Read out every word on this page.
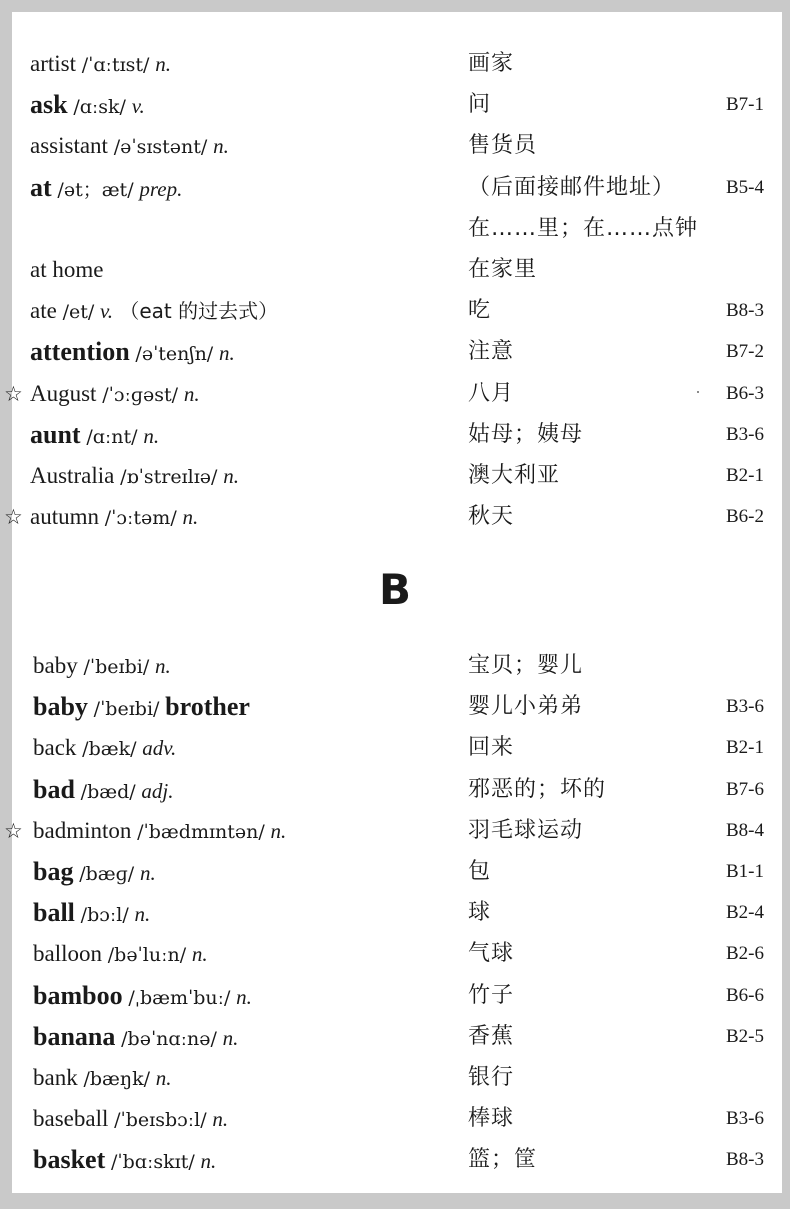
artist /ˈɑːtɪst/ n.	画家
ask /ɑːsk/ v.	问	B7-1
assistant /əˈsɪstənt/ n.	售货员
at /ət；æt/ prep.	（后面接邮件地址）	B5-4
在……里；在……点钟
at home	在家里
ate /et/ v. （eat 的过去式）	吃	B8-3
attention /əˈtenʃn/ n.	注意	B7-2
☆ August /ˈɔːɡəst/ n.	八月	B6-3
aunt /ɑːnt/ n.	姑母；姨母	B3-6
Australia /ɒˈstreɪlɪə/ n.	澳大利亚	B2-1
☆ autumn /ˈɔːtəm/ n.	秋天	B6-2
B
baby /ˈbeɪbi/ n.	宝贝；婴儿
baby /ˈbeɪbi/ brother	婴儿小弟弟	B3-6
back /bæk/ adv.	回来	B2-1
bad /bæd/ adj.	邪恶的；坏的	B7-6
☆ badminton /ˈbædmɪntən/ n.	羽毛球运动	B8-4
bag /bæɡ/ n.	包	B1-1
ball /bɔːl/ n.	球	B2-4
balloon /bəˈluːn/ n.	气球	B2-6
bamboo /ˌbæmˈbuː/ n.	竹子	B6-6
banana /bəˈnɑːnə/ n.	香蕉	B2-5
bank /bæŋk/ n.	银行
baseball /ˈbeɪsbɔːl/ n.	棒球	B3-6
basket /ˈbɑːskɪt/ n.	篮；筐	B8-3
